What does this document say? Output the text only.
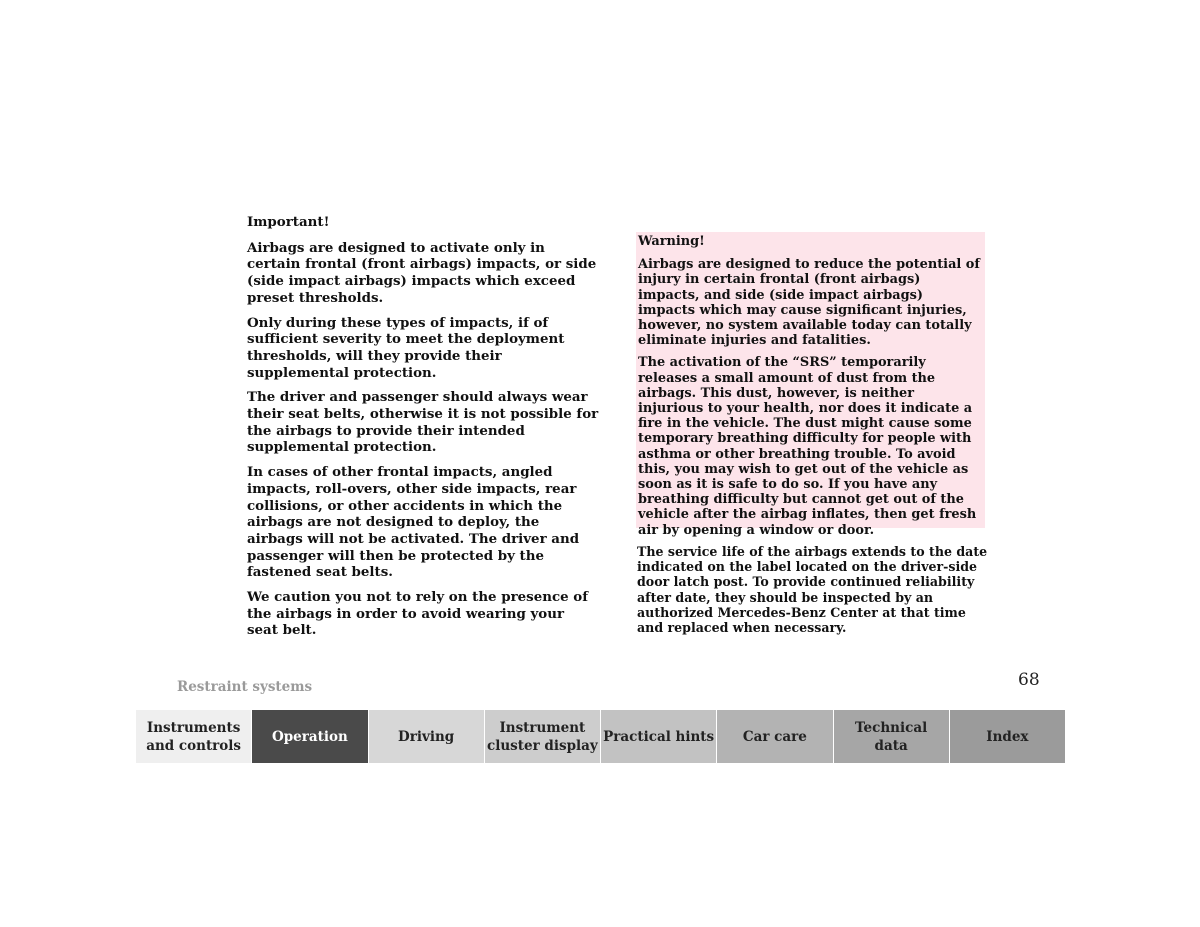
Important!

Airbags are designed to activate only in certain frontal (front airbags) impacts, or side (side impact airbags) impacts which exceed preset thresholds.

Only during these types of impacts, if of sufficient severity to meet the deployment thresholds, will they provide their supplemental protection.

The driver and passenger should always wear their seat belts, otherwise it is not possible for the airbags to provide their intended supplemental protection.

In cases of other frontal impacts, angled impacts, roll-overs, other side impacts, rear collisions, or other accidents in which the airbags are not designed to deploy, the airbags will not be activated. The driver and passenger will then be protected by the fastened seat belts.

We caution you not to rely on the presence of the airbags in order to avoid wearing your seat belt.

Warning!

Airbags are designed to reduce the potential of injury in certain frontal (front airbags) impacts, and side (side impact airbags) impacts which may cause significant injuries, however, no system available today can totally eliminate injuries and fatalities.

The activation of the “SRS” temporarily releases a small amount of dust from the airbags. This dust, however, is neither injurious to your health, nor does it indicate a fire in the vehicle. The dust might cause some temporary breathing difficulty for people with asthma or other breathing trouble. To avoid this, you may wish to get out of the vehicle as soon as it is safe to do so. If you have any breathing difficulty but cannot get out of the vehicle after the airbag inflates, then get fresh air by opening a window or door.

The service life of the airbags extends to the date indicated on the label located on the driver-side door latch post. To provide continued reliability after date, they should be inspected by an authorized Mercedes-Benz Center at that time and replaced when necessary.

Restraint systems	68
Instruments
and controls
Operation	Driving
Instrument
cluster display
Practical hints	Car care
Technical
data
Index
